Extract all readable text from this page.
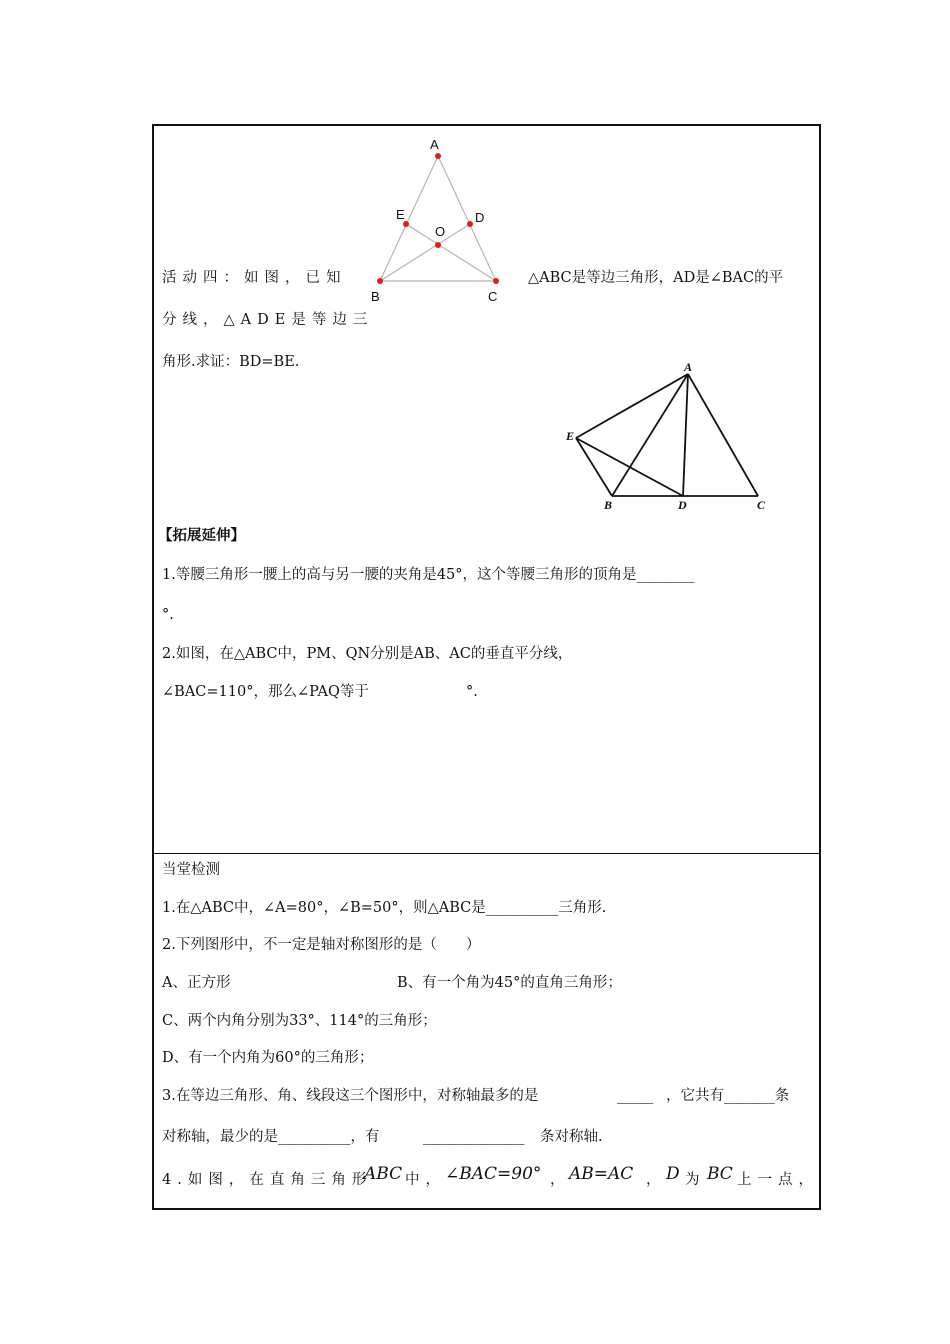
A
E	D
O
B	C
活动四：如图，已知	△ABC是等边三角形，AD是∠BAC的平
分线，△ADE是等边三
角形.求证：BD=BE.	A
E
B	D	C
【拓展延伸】
1.等腰三角形一腰上的高与另一腰的夹角是45°，这个等腰三角形的顶角是________
°.
2.如图，在△ABC中，PM、QN分别是AB、AC的垂直平分线，
∠BAC=110°，那么∠PAQ等于	°.
当堂检测
1.在△ABC中，∠A=80°，∠B=50°，则△ABC是__________三角形.
2.下列图形中，不一定是轴对称图形的是（　　）
A、正方形	B、有一个角为45°的直角三角形；
C、两个内角分别为33°、114°的三角形；
D、有一个内角为60°的三角形；
3.在等边三角形、角、线段这三个图形中，对称轴最多的是	_____ ，它共有_______条
对称轴，最少的是__________，有	______________ 条对称轴.
4.如图，在直角三角形
ABC 中， ∠BAC=90° ， AB=AC ， D 为 BC 上一点，
